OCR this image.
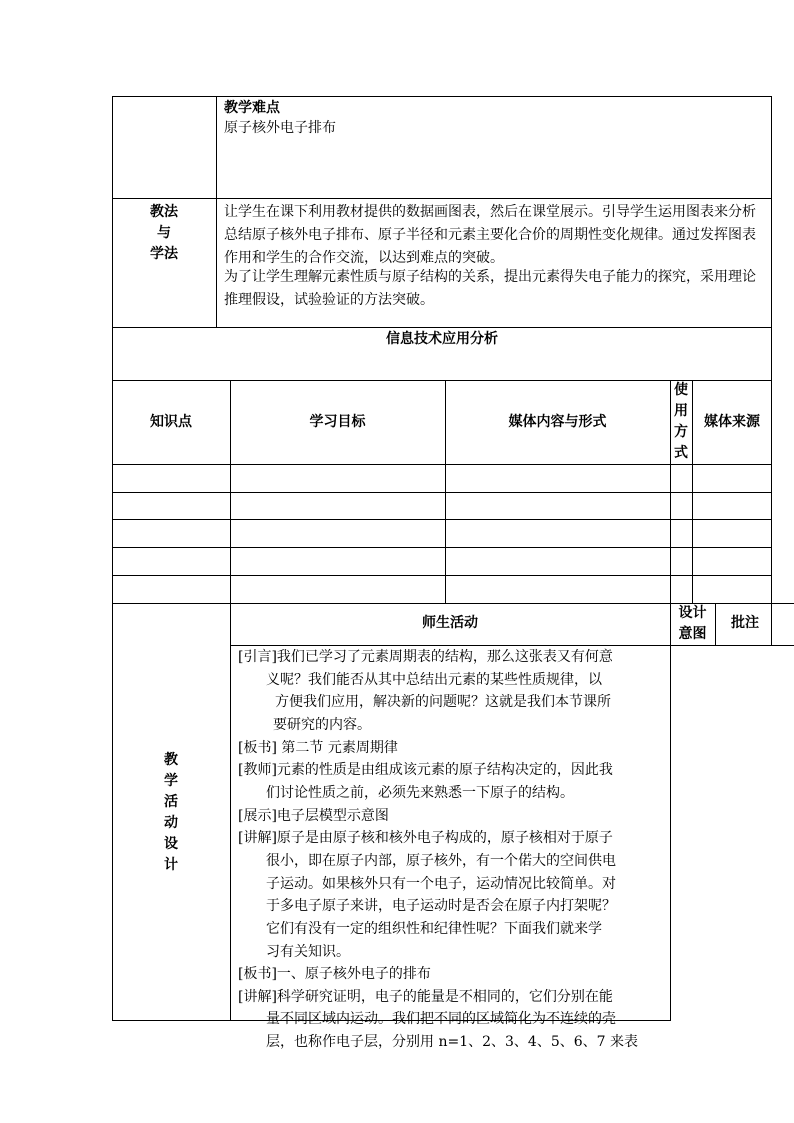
教学难点
原子核外电子排布
教法
与
学法
让学生在课下利用教材提供的数据画图表，然后在课堂展示。引导学生运用图表来分析总结原子核外电子排布、原子半径和元素主要化合价的周期性变化规律。通过发挥图表作用和学生的合作交流，以达到难点的突破。
为了让学生理解元素性质与原子结构的关系，提出元素得失电子能力的探究，采用理论推理假设，试验验证的方法突破。
信息技术应用分析
知识点	学习目标	媒体内容与形式
使
用
方
式
媒体来源
教
学
活
动
设
计
师生活动
设计
意图
批注
[引言]我们已学习了元素周期表的结构，那么这张表又有何意
义呢？我们能否从其中总结出元素的某些性质规律，以
方便我们应用，解决新的问题呢？这就是我们本节课所
要研究的内容。
[板书] 第二节 元素周期律
[教师]元素的性质是由组成该元素的原子结构决定的，因此我
们讨论性质之前，必须先来熟悉一下原子的结构。
[展示]电子层模型示意图
[讲解]原子是由原子核和核外电子构成的，原子核相对于原子
很小，即在原子内部，原子核外，有一个偌大的空间供电
子运动。如果核外只有一个电子，运动情况比较简单。对
于多电子原子来讲，电子运动时是否会在原子内打架呢？
它们有没有一定的组织性和纪律性呢？下面我们就来学
习有关知识。
[板书]一、原子核外电子的排布
[讲解]科学研究证明，电子的能量是不相同的，它们分别在能
量不同区域内运动。我们把不同的区域简化为不连续的壳
层，也称作电子层，分别用 n=1、2、3、4、5、6、7 来表
